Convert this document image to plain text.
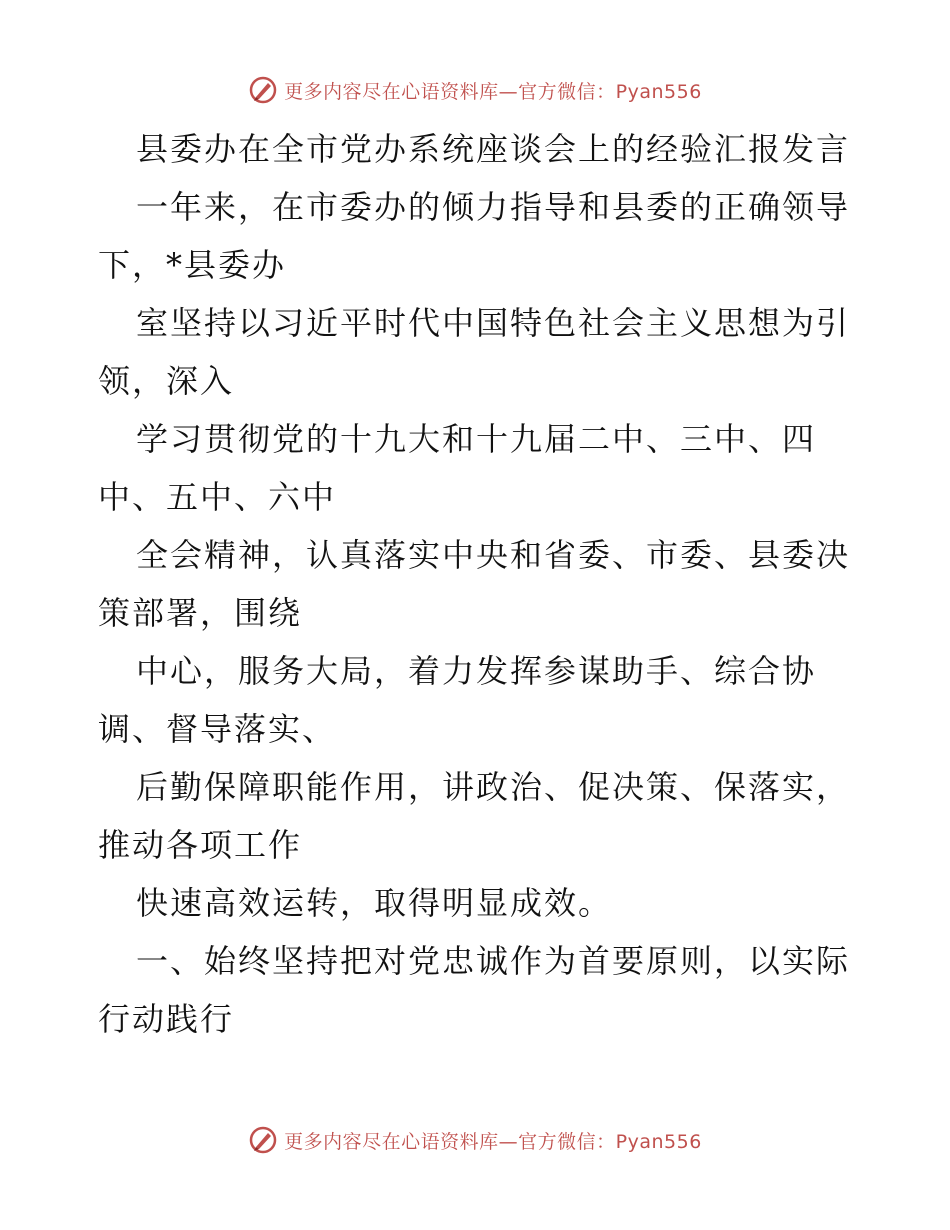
更多内容尽在心语资料库—官方微信：Pyan556

县委办在全市党办系统座谈会上的经验汇报发言

一年来，在市委办的倾力指导和县委的正确领导下，*县委办

室坚持以习近平时代中国特色社会主义思想为引领，深入

学习贯彻党的十九大和十九届二中、三中、四中、五中、六中

全会精神，认真落实中央和省委、市委、县委决策部署，围绕

中心，服务大局，着力发挥参谋助手、综合协调、督导落实、

后勤保障职能作用，讲政治、促决策、保落实，推动各项工作

快速高效运转，取得明显成效。

一、始终坚持把对党忠诚作为首要原则，以实际行动践行

更多内容尽在心语资料库—官方微信：Pyan556
